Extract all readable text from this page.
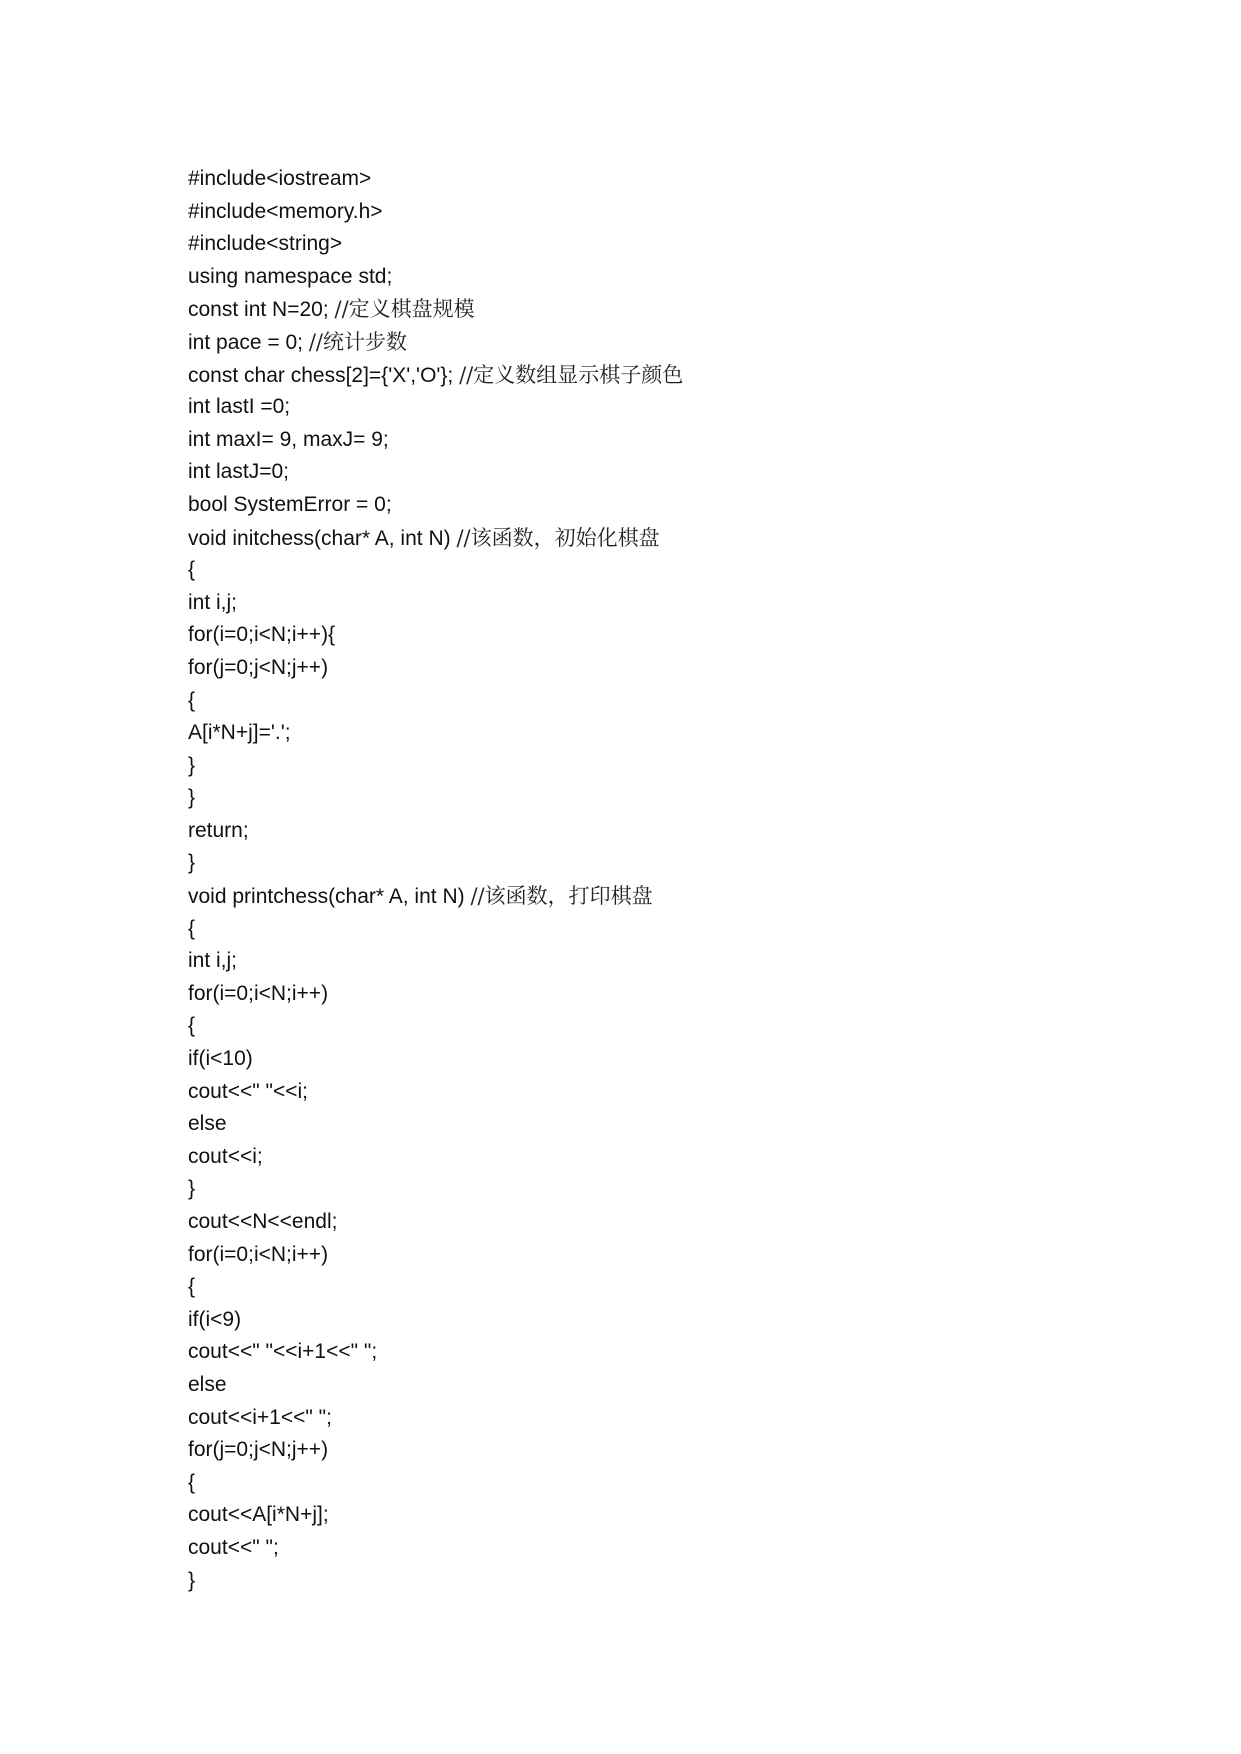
#include<iostream>
#include<memory.h>
#include<string>
using namespace std;
const int N=20; //定义棋盘规模
int pace = 0; //统计步数
const char chess[2]={'X','O'}; //定义数组显示棋子颜色
int lastI =0;
int maxI= 9, maxJ= 9;
int lastJ=0;
bool SystemError = 0;
void initchess(char* A, int N) //该函数，初始化棋盘
{
int i,j;
for(i=0;i<N;i++){
for(j=0;j<N;j++)
{
A[i*N+j]='.';
}
}
return;
}
void printchess(char* A, int N) //该函数，打印棋盘
{
int i,j;
for(i=0;i<N;i++)
{
if(i<10)
cout<<" "<<i;
else
cout<<i;
}
cout<<N<<endl;
for(i=0;i<N;i++)
{
if(i<9)
cout<<" "<<i+1<<" ";
else
cout<<i+1<<" ";
for(j=0;j<N;j++)
{
cout<<A[i*N+j];
cout<<" ";
}
